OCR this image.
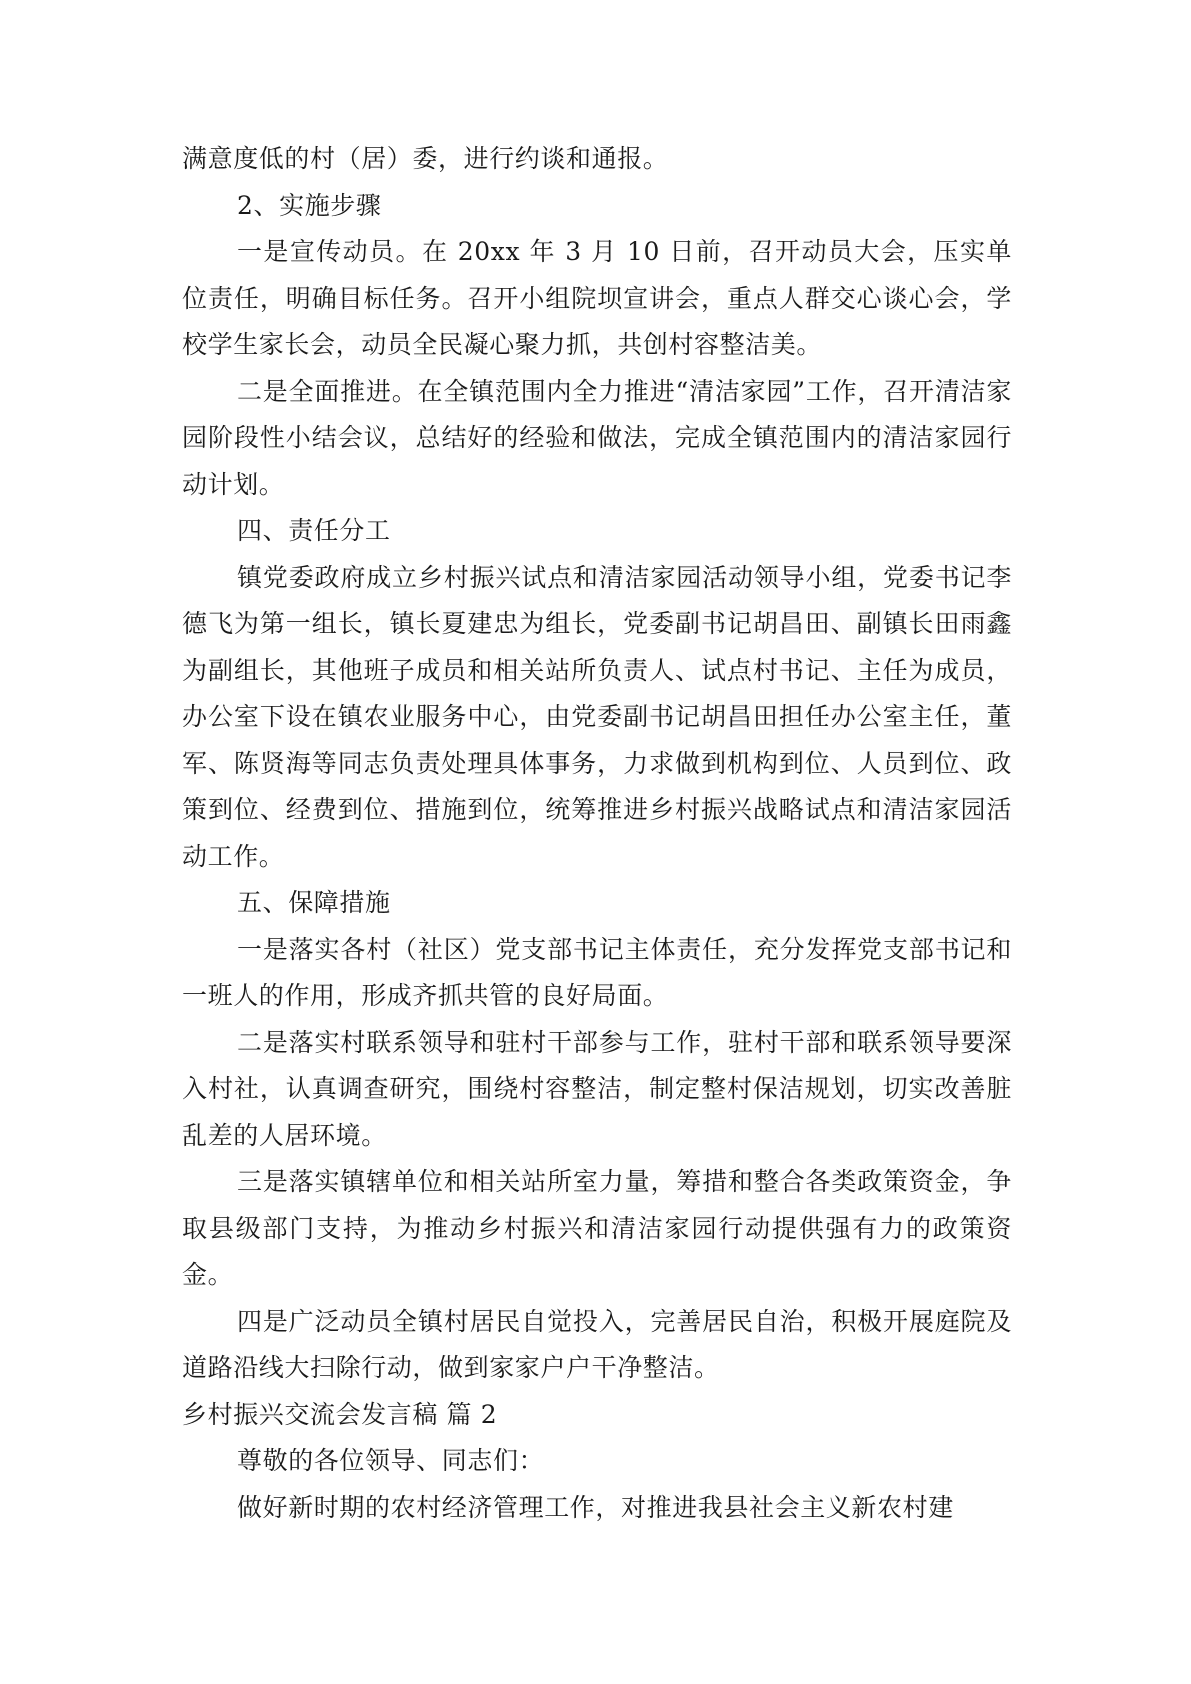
满意度低的村（居）委，进行约谈和通报。

2、实施步骤

一是宣传动员。在 20xx 年 3 月 10 日前，召开动员大会，压实单位责任，明确目标任务。召开小组院坝宣讲会，重点人群交心谈心会，学校学生家长会，动员全民凝心聚力抓，共创村容整洁美。

二是全面推进。在全镇范围内全力推进“清洁家园”工作，召开清洁家园阶段性小结会议，总结好的经验和做法，完成全镇范围内的清洁家园行动计划。

四、责任分工

镇党委政府成立乡村振兴试点和清洁家园活动领导小组，党委书记李德飞为第一组长，镇长夏建忠为组长，党委副书记胡昌田、副镇长田雨鑫为副组长，其他班子成员和相关站所负责人、试点村书记、主任为成员，办公室下设在镇农业服务中心，由党委副书记胡昌田担任办公室主任，董军、陈贤海等同志负责处理具体事务，力求做到机构到位、人员到位、政策到位、经费到位、措施到位，统筹推进乡村振兴战略试点和清洁家园活动工作。

五、保障措施

一是落实各村（社区）党支部书记主体责任，充分发挥党支部书记和一班人的作用，形成齐抓共管的良好局面。

二是落实村联系领导和驻村干部参与工作，驻村干部和联系领导要深入村社，认真调查研究，围绕村容整洁，制定整村保洁规划，切实改善脏乱差的人居环境。

三是落实镇辖单位和相关站所室力量，筹措和整合各类政策资金，争取县级部门支持，为推动乡村振兴和清洁家园行动提供强有力的政策资金。

四是广泛动员全镇村居民自觉投入，完善居民自治，积极开展庭院及道路沿线大扫除行动，做到家家户户干净整洁。

乡村振兴交流会发言稿 篇 2

尊敬的各位领导、同志们：

做好新时期的农村经济管理工作，对推进我县社会主义新农村建
